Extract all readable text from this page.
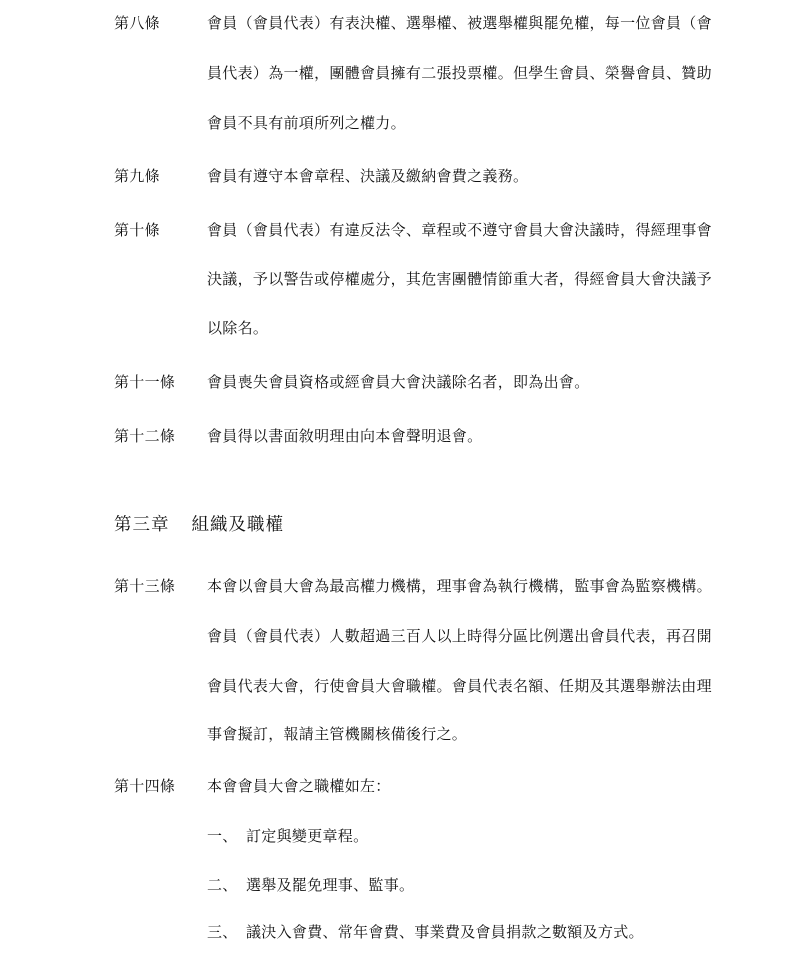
第八條	會員（會員代表）有表決權、選舉權、被選舉權與罷免權，每一位會員（會
員代表）為一權，團體會員擁有二張投票權。但學生會員、榮譽會員、贊助
會員不具有前項所列之權力。
第九條	會員有遵守本會章程、決議及繳納會費之義務。
第十條	會員（會員代表）有違反法令、章程或不遵守會員大會決議時，得經理事會
決議，予以警告或停權處分，其危害團體情節重大者，得經會員大會決議予
以除名。
第十一條 會員喪失會員資格或經會員大會決議除名者，即為出會。
第十二條 會員得以書面敘明理由向本會聲明退會。
第三章 組織及職權
第十三條 本會以會員大會為最高權力機構，理事會為執行機構，監事會為監察機構。
會員（會員代表）人數超過三百人以上時得分區比例選出會員代表，再召開
會員代表大會，行使會員大會職權。會員代表名額、任期及其選舉辦法由理
事會擬訂，報請主管機關核備後行之。
第十四條 本會會員大會之職權如左：
一、 訂定與變更章程。
二、 選舉及罷免理事、監事。
三、 議決入會費、常年會費、事業費及會員捐款之數額及方式。
